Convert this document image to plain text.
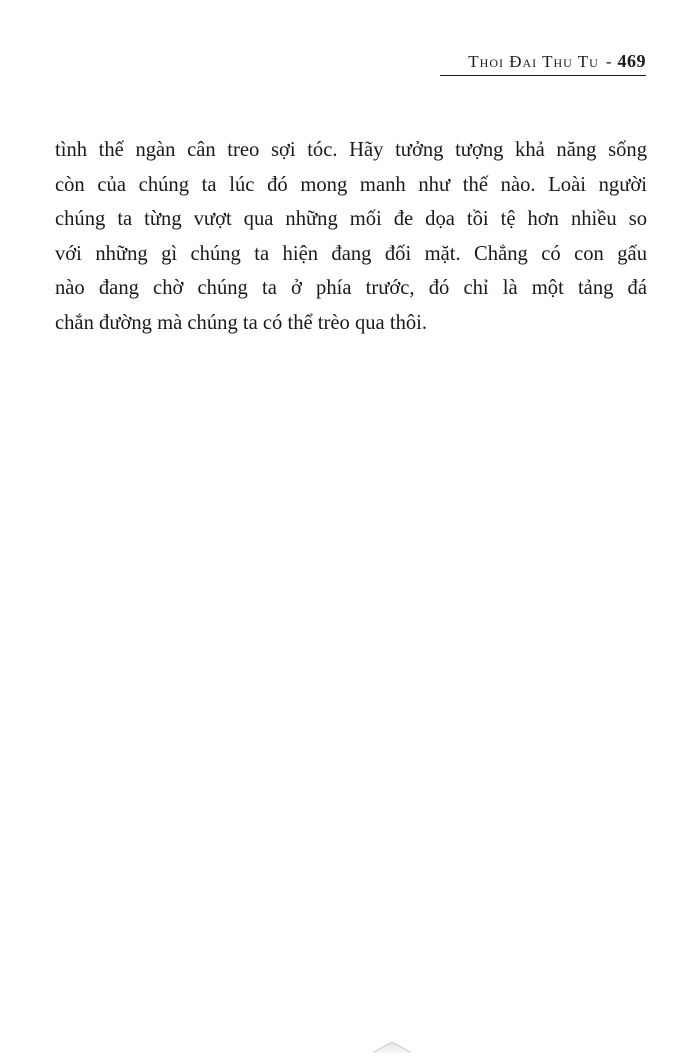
Thoi Đai Thu Tu - 469
tình thế ngàn cân treo sợi tóc. Hãy tưởng tượng khả năng sống
còn của chúng ta lúc đó mong manh như thế nào. Loài người
chúng ta từng vượt qua những mối đe dọa tồi tệ hơn nhiều so
với những gì chúng ta hiện đang đối mặt. Chẳng có con gấu
nào đang chờ chúng ta ở phía trước, đó chỉ là một tảng đá
chắn đường mà chúng ta có thể trèo qua thôi.
